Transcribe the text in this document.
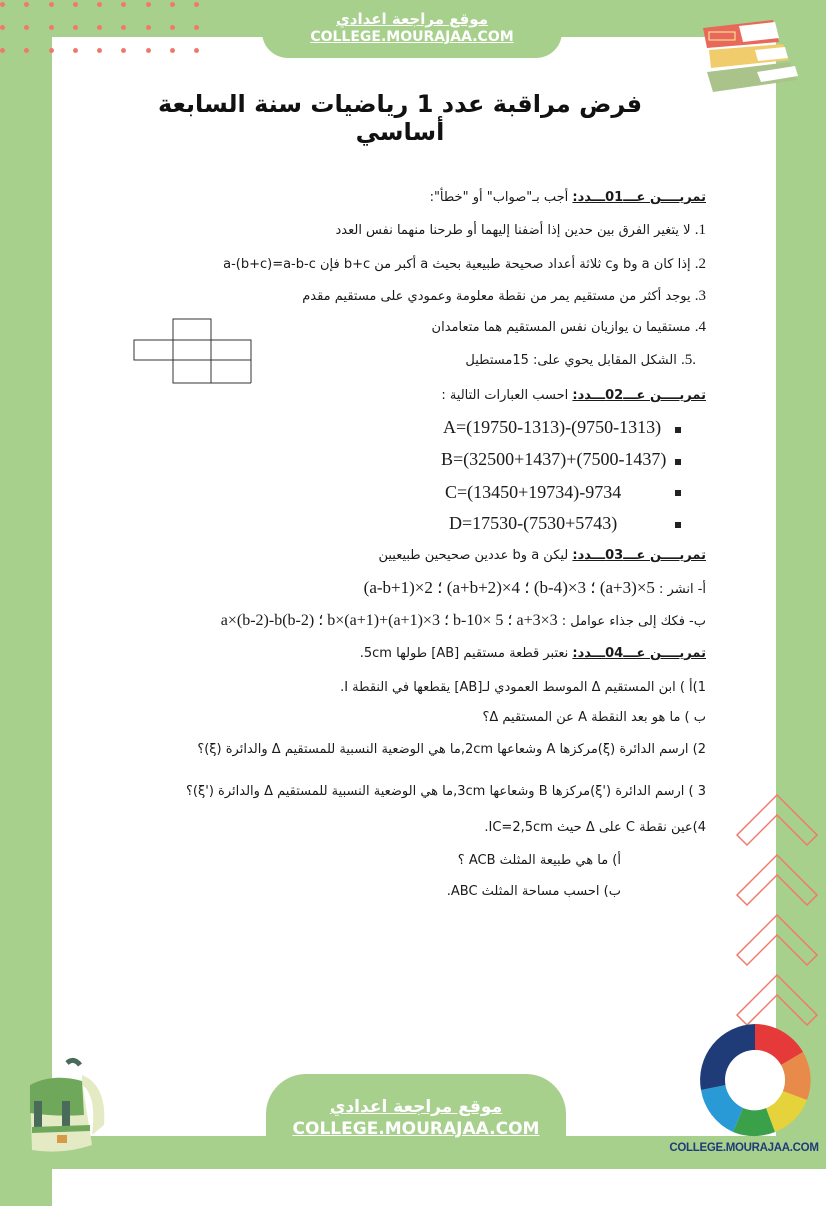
موقع مراجعة اعدادي
COLLEGE.MOURAJAA.COM
فرض مراقبة عدد 1 رياضيات سنة السابعة أساسي
تمريــــن عـــ01ـــدد: أجب بـ"صواب" أو "خطأ":
1. لا يتغير الفرق بين حدين إذا أضفنا إليهما أو طرحنا منهما نفس العدد
2. إذا كان a وb وc ثلاثة أعداد صحيحة طبيعية بحيث a أكبر من b+c فإن a-(b+c)=a-b-c
3. يوجد أكثر من مستقيم يمر من نقطة معلومة وعمودي على مستقيم مقدم
4. مستقيما ن يوازيان نفس المستقيم هما متعامدان
.5. الشكل المقابل يحوي على: 15مستطيل
تمريــــن عـــ02ـــدد: احسب العبارات التالية :
A=(19750-1313)-(9750-1313)
B=(32500+1437)+(7500-1437)
C=(13450+19734)-9734
D=17530-(7530+5743)
تمريــــن عـــ03ـــدد: ليكن a وb عددين صحيحين طبيعيين
أ- انشر : 5×(a+3) ؛ 3×(b-4) ؛ 4×(a+b+2) ؛ 2×(a-b+1)
ب- فكك إلى جذاء عوامل : 3×a+3 ؛ 5 ×b-10 ؛ 3×(a+1)+b×(a+1) ؛ a×(b-2)-b(b-2)
تمريــــن عـــ04ـــدد: نعتبر قطعة مستقيم [AB] طولها 5cm.
1)أ ) ابن المستقيم Δ الموسط العمودي لـ[AB] يقطعها في النقطة I.
ب ) ما هو بعد النقطة A عن المستقيم Δ؟
2) ارسم الدائرة (ξ)مركزها A وشعاعها 2cm,ما هي الوضعية النسبية للمستقيم Δ والدائرة (ξ)؟
3 ) ارسم الدائرة ('ξ)مركزها B وشعاعها 3cm,ما هي الوضعية النسبية للمستقيم Δ والدائرة ('ξ)؟
4)عين نقطة C على Δ حيث IC=2,5cm.
أ) ما هي طبيعة المثلث ACB ؟
ب) احسب مساحة المثلث ABC.
COLLEGE.MOURAJAA.COM
موقع مراجعة اعدادي
COLLEGE.MOURAJAA.COM
